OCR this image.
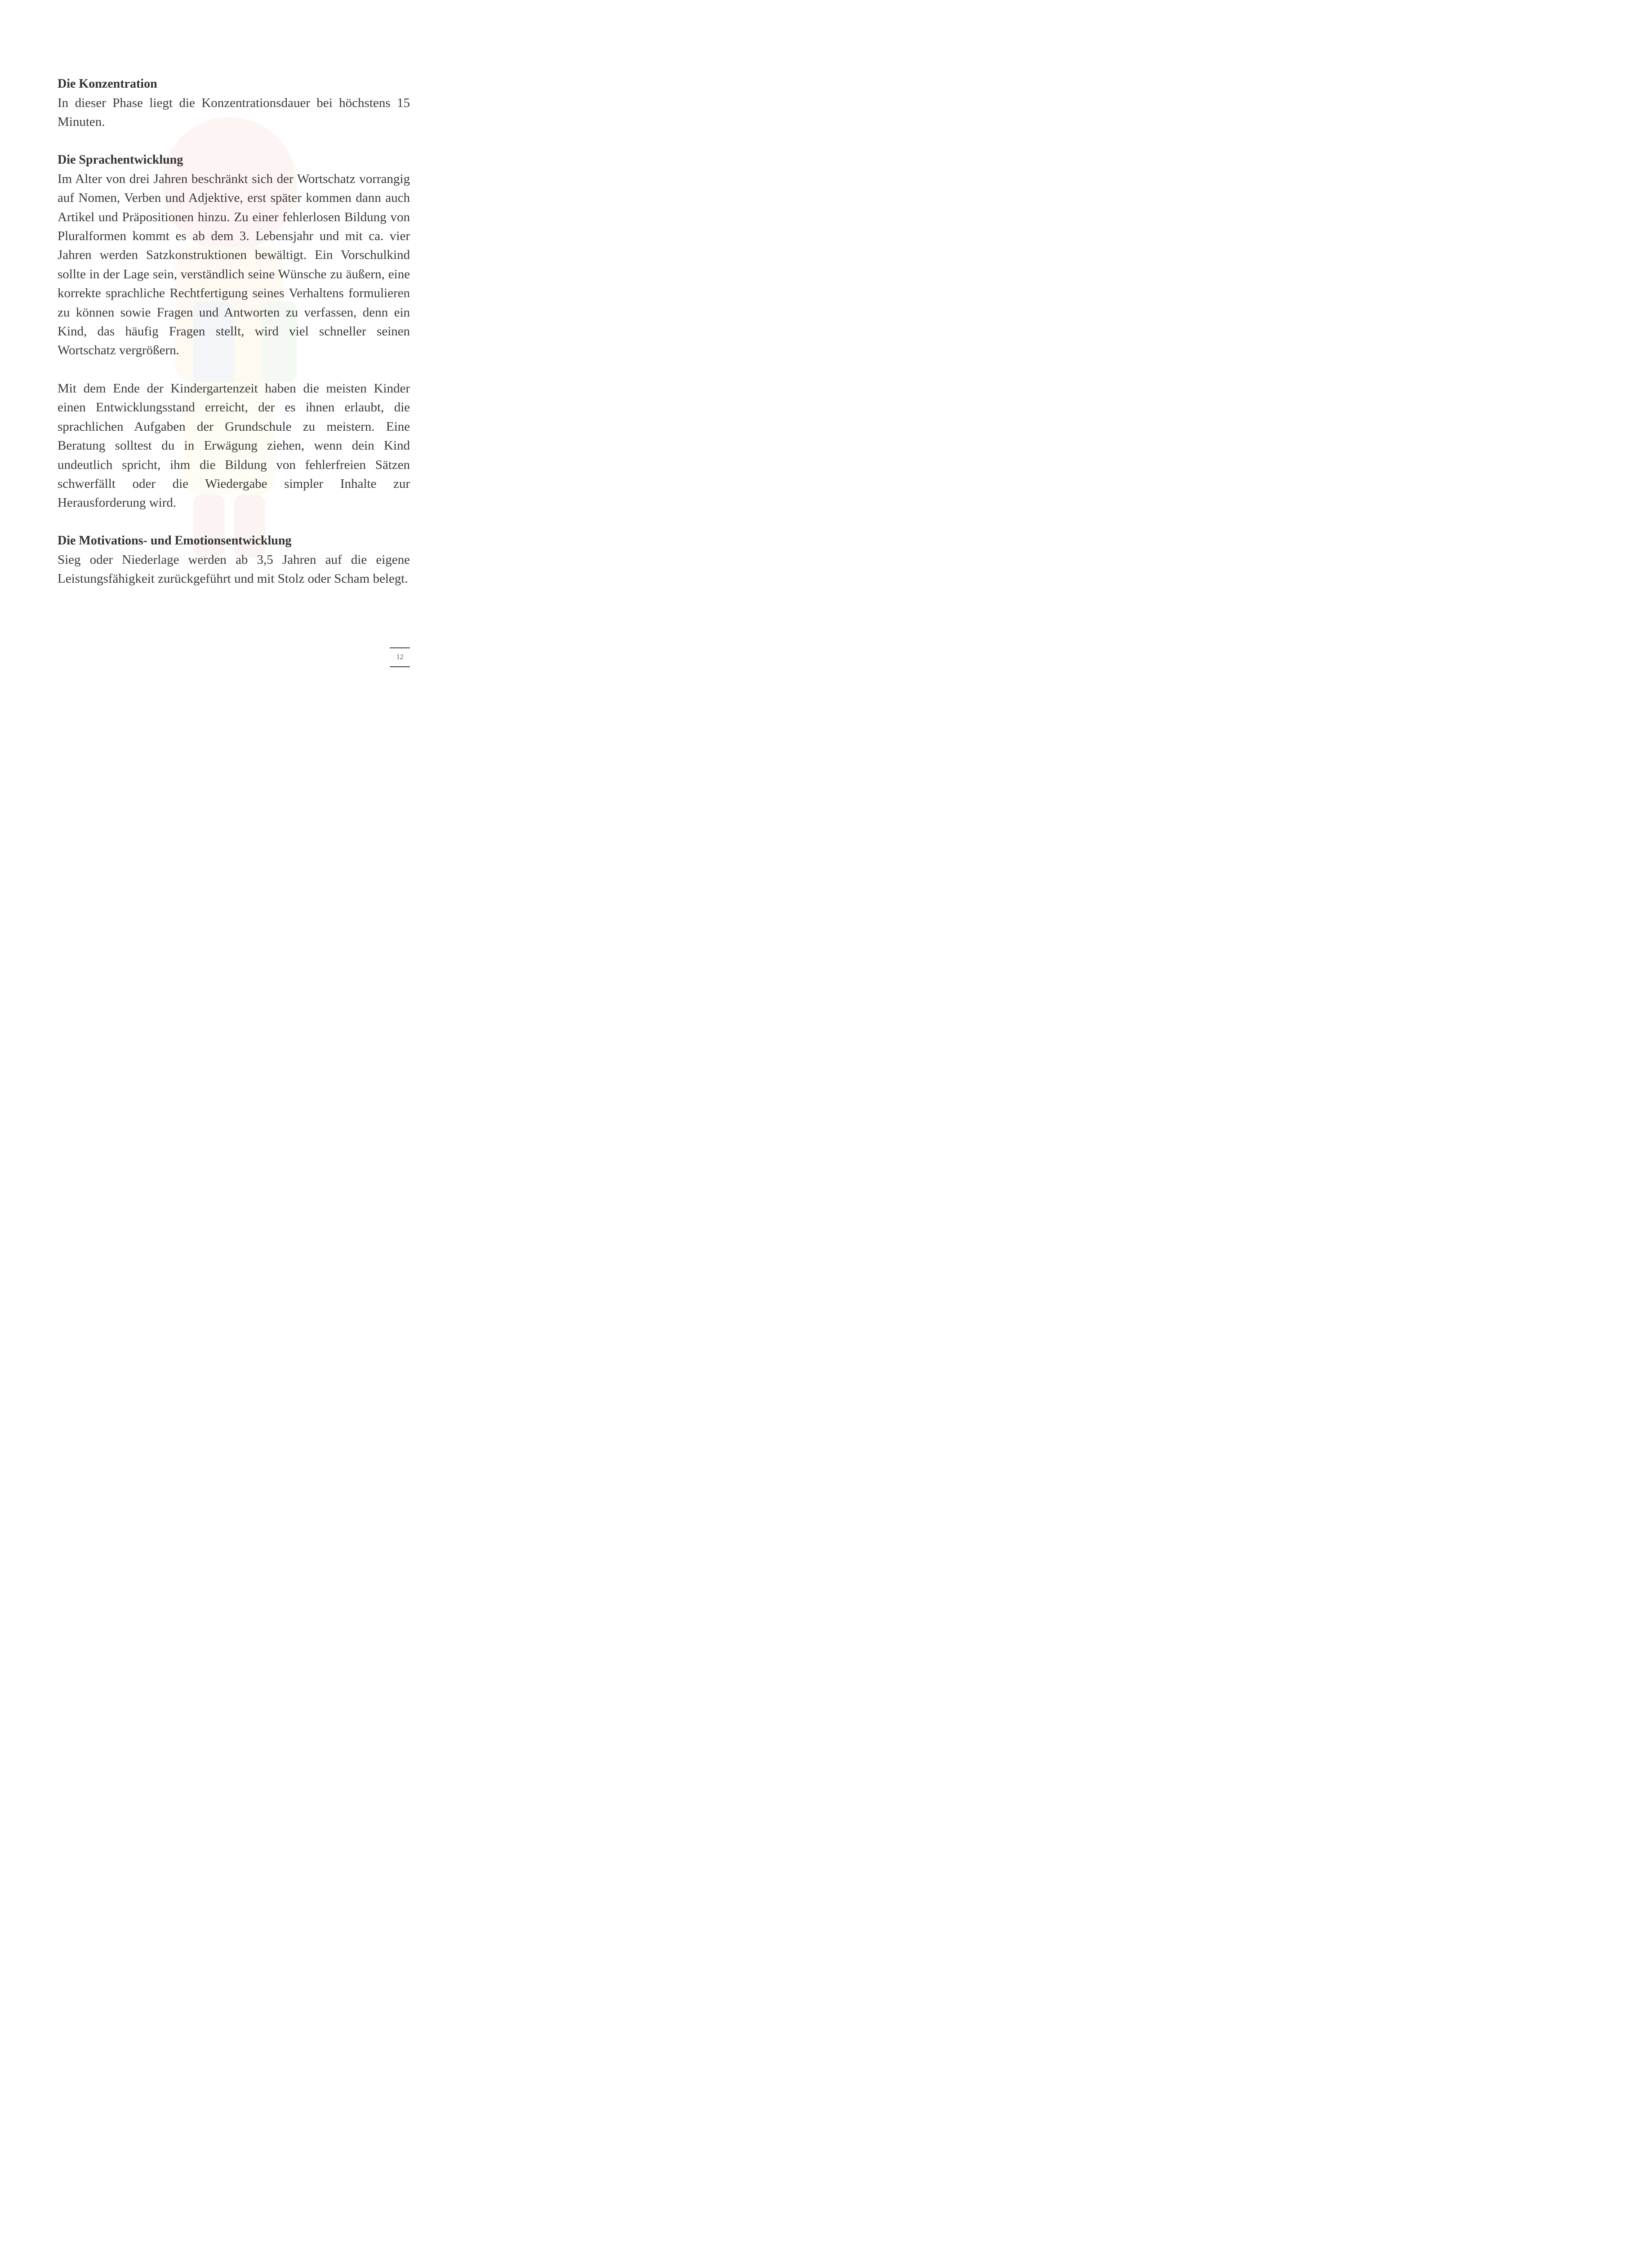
Die Konzentration

In dieser Phase liegt die Konzentrationsdauer bei höchstens 15 Minuten.

Die Sprachentwicklung

Im Alter von drei Jahren beschränkt sich der Wortschatz vorrangig auf Nomen, Verben und Adjektive, erst später kommen dann auch Artikel und Präpositionen hinzu. Zu einer fehlerlosen Bildung von Pluralformen kommt es ab dem 3. Lebensjahr und mit ca. vier Jahren werden Satzkonstruktionen bewältigt. Ein Vorschulkind sollte in der Lage sein, verständlich seine Wünsche zu äußern, eine korrekte sprachliche Rechtfertigung seines Verhaltens formulieren zu können sowie Fragen und Antworten zu verfassen, denn ein Kind, das häufig Fragen stellt, wird viel schneller seinen Wortschatz vergrößern.

Mit dem Ende der Kindergartenzeit haben die meisten Kinder einen Entwicklungsstand erreicht, der es ihnen erlaubt, die sprachlichen Aufgaben der Grundschule zu meistern. Eine Beratung solltest du in Erwägung ziehen, wenn dein Kind undeutlich spricht, ihm die Bildung von fehlerfreien Sätzen schwerfällt oder die Wiedergabe simpler Inhalte zur Herausforderung wird.

Die Motivations- und Emotionsentwicklung

Sieg oder Niederlage werden ab 3,5 Jahren auf die eigene Leistungsfähigkeit zurückgeführt und mit Stolz oder Scham belegt.

12
